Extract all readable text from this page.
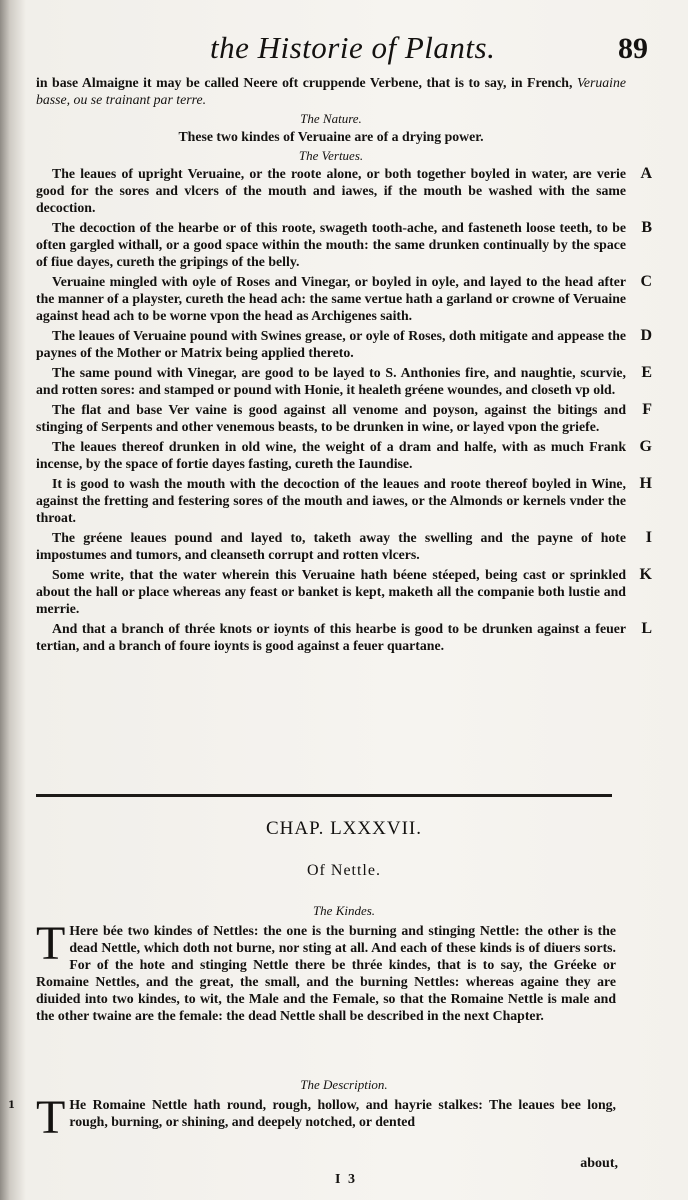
the Historie of Plants.	89

in base Almaigne it may be called Neere oft cruppende Verbene, that is to say, in French, Veruaine basse, ou se trainant par terre.

The Nature.

These two kindes of Veruaine are of a drying power.

The Vertues.
A

The leaues of upright Veruaine, or the roote alone, or both together boyled in water, are verie good for the sores and vlcers of the mouth and iawes, if the mouth be washed with the same decoction.

B

The decoction of the hearbe or of this roote, swageth tooth-ache, and fasteneth loose teeth, to be often gargled withall, or a good space within the mouth: the same drunken continually by the space of fiue dayes, cureth the gripings of the belly.

C

Veruaine mingled with oyle of Roses and Vinegar, or boyled in oyle, and layed to the head after the manner of a playster, cureth the head ach: the same vertue hath a garland or crowne of Veruaine against head ach to be worne vpon the head as Archigenes saith.

D

The leaues of Veruaine pound with Swines grease, or oyle of Roses, doth mitigate and appease the paynes of the Mother or Matrix being applied thereto.

E

The same pound with Vinegar, are good to be layed to S. Anthonies fire, and naughtie, scurvie, and rotten sores: and stamped or pound with Honie, it healeth gréene woundes, and closeth vp old.

F

The flat and base Ver vaine is good against all venome and poyson, against the bitings and stinging of Serpents and other venemous beasts, to be drunken in wine, or layed vpon the griefe.

G

The leaues thereof drunken in old wine, the weight of a dram and halfe, with as much Frank incense, by the space of fortie dayes fasting, cureth the Iaundise.

H

It is good to wash the mouth with the decoction of the leaues and roote thereof boyled in Wine, against the fretting and festering sores of the mouth and iawes, or the Almonds or kernels vnder the throat.

I

The gréene leaues pound and layed to, taketh away the swelling and the payne of hote impostumes and tumors, and cleanseth corrupt and rotten vlcers.

K

Some write, that the water wherein this Veruaine hath béene stéeped, being cast or sprinkled about the hall or place whereas any feast or banket is kept, maketh all the companie both lustie and merrie.

L

And that a branch of thrée knots or ioynts of this hearbe is good to be drunken against a feuer tertian, and a branch of foure ioynts is good against a feuer quartane.

CHAP. LXXXVII.
Of Nettle.
The Kindes.

T Here bée two kindes of Nettles: the one is the burning and stinging Nettle: the other is the dead Nettle, which doth not burne, nor sting at all. And each of these kinds is of diuers sorts. For of the hote and stinging Nettle there be thrée kindes, that is to say, the Gréeke or Romaine Nettles, and the great, the small, and the burning Nettles: whereas againe they are diuided into two kindes, to wit, the Male and the Female, so that the Romaine Nettle is male and the other twaine are the female: the dead Nettle shall be described in the next Chapter.

The Description.
1 T He Romaine Nettle hath round, rough, hollow, and hayrie stalkes: The leaues bee long, rough, burning, or shining, and deepely notched, or dented

about,
I 3
